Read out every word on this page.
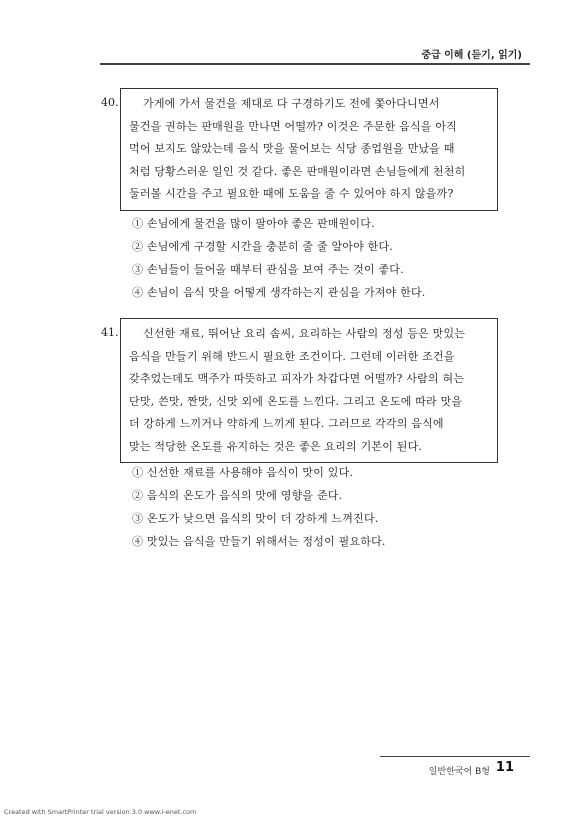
중급 이해 (듣기, 읽기)
40.	가게에 가서 물건을 제대로 다 구경하기도 전에 쫓아다니면서
물건을 권하는 판매원을 만나면 어떨까? 이것은 주문한 음식을 아직
먹어 보지도 않았는데 음식 맛을 물어보는 식당 종업원을 만났을 때
처럼 당황스러운 일인 것 같다. 좋은 판매원이라면 손님들에게 천천히
둘러볼 시간을 주고 필요한 때에 도움을 줄 수 있어야 하지 않을까?
① 손님에게 물건을 많이 팔아야 좋은 판매원이다.
② 손님에게 구경할 시간을 충분히 줄 줄 알아야 한다.
③ 손님들이 들어올 때부터 관심을 보여 주는 것이 좋다.
④ 손님이 음식 맛을 어떻게 생각하는지 관심을 가져야 한다.
41.	신선한 재료, 뛰어난 요리 솜씨, 요리하는 사람의 정성 등은 맛있는
음식을 만들기 위해 반드시 필요한 조건이다. 그런데 이러한 조건을
갖추었는데도 맥주가 따뜻하고 피자가 차갑다면 어떨까? 사람의 혀는
단맛, 쓴맛, 짠맛, 신맛 외에 온도를 느낀다. 그리고 온도에 따라 맛을
더 강하게 느끼거나 약하게 느끼게 된다. 그러므로 각각의 음식에
맞는 적당한 온도를 유지하는 것은 좋은 요리의 기본이 된다.
① 신선한 재료를 사용해야 음식이 맛이 있다.
② 음식의 온도가 음식의 맛에 영향을 준다.
③ 온도가 낮으면 음식의 맛이 더 강하게 느껴진다.
④ 맛있는 음식을 만들기 위해서는 정성이 필요하다.
일반한국어 B형 11
Created with SmartPrinter trial version 3.0 www.i-enet.com
